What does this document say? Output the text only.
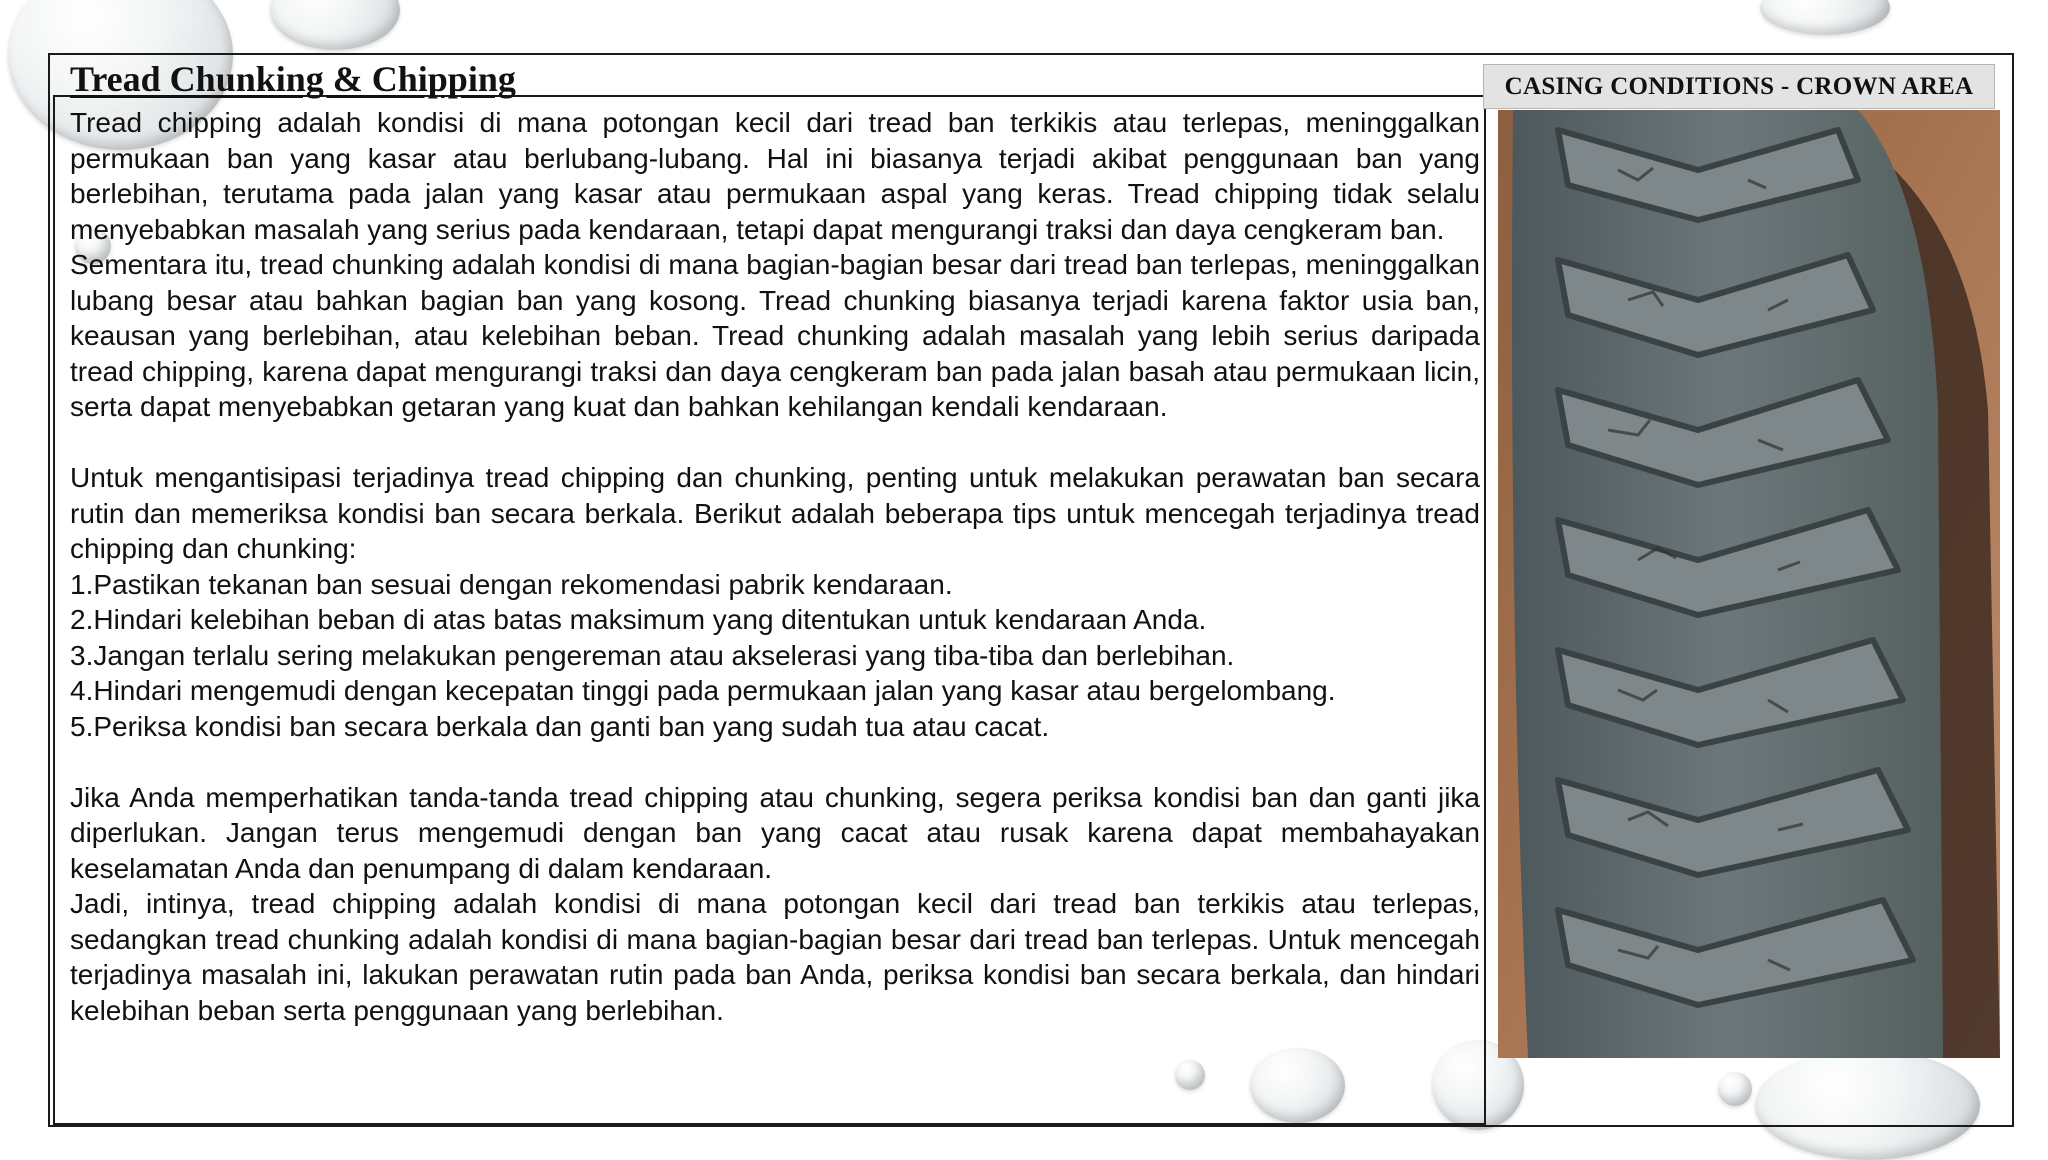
Tread Chunking & Chipping

Tread chipping adalah kondisi di mana potongan kecil dari tread ban terkikis atau terlepas, meninggalkan permukaan ban yang kasar atau berlubang-lubang. Hal ini biasanya terjadi akibat penggunaan ban yang berlebihan, terutama pada jalan yang kasar atau permukaan aspal yang keras. Tread chipping tidak selalu menyebabkan masalah yang serius pada kendaraan, tetapi dapat mengurangi traksi dan daya cengkeram ban.

Sementara itu, tread chunking adalah kondisi di mana bagian-bagian besar dari tread ban terlepas, meninggalkan lubang besar atau bahkan bagian ban yang kosong. Tread chunking biasanya terjadi karena faktor usia ban, keausan yang berlebihan, atau kelebihan beban. Tread chunking adalah masalah yang lebih serius daripada tread chipping, karena dapat mengurangi traksi dan daya cengkeram ban pada jalan basah atau permukaan licin, serta dapat menyebabkan getaran yang kuat dan bahkan kehilangan kendali kendaraan.

Untuk mengantisipasi terjadinya tread chipping dan chunking, penting untuk melakukan perawatan ban secara rutin dan memeriksa kondisi ban secara berkala. Berikut adalah beberapa tips untuk mencegah terjadinya tread chipping dan chunking:

1.Pastikan tekanan ban sesuai dengan rekomendasi pabrik kendaraan.
2.Hindari kelebihan beban di atas batas maksimum yang ditentukan untuk kendaraan Anda.
3.Jangan terlalu sering melakukan pengereman atau akselerasi yang tiba-tiba dan berlebihan.
4.Hindari mengemudi dengan kecepatan tinggi pada permukaan jalan yang kasar atau bergelombang.
5.Periksa kondisi ban secara berkala dan ganti ban yang sudah tua atau cacat.

Jika Anda memperhatikan tanda-tanda tread chipping atau chunking, segera periksa kondisi ban dan ganti jika diperlukan. Jangan terus mengemudi dengan ban yang cacat atau rusak karena dapat membahayakan keselamatan Anda dan penumpang di dalam kendaraan.

Jadi, intinya, tread chipping adalah kondisi di mana potongan kecil dari tread ban terkikis atau terlepas, sedangkan tread chunking adalah kondisi di mana bagian-bagian besar dari tread ban terlepas. Untuk mencegah terjadinya masalah ini, lakukan perawatan rutin pada ban Anda, periksa kondisi ban secara berkala, dan hindari kelebihan beban serta penggunaan yang berlebihan.

CASING CONDITIONS - CROWN AREA
